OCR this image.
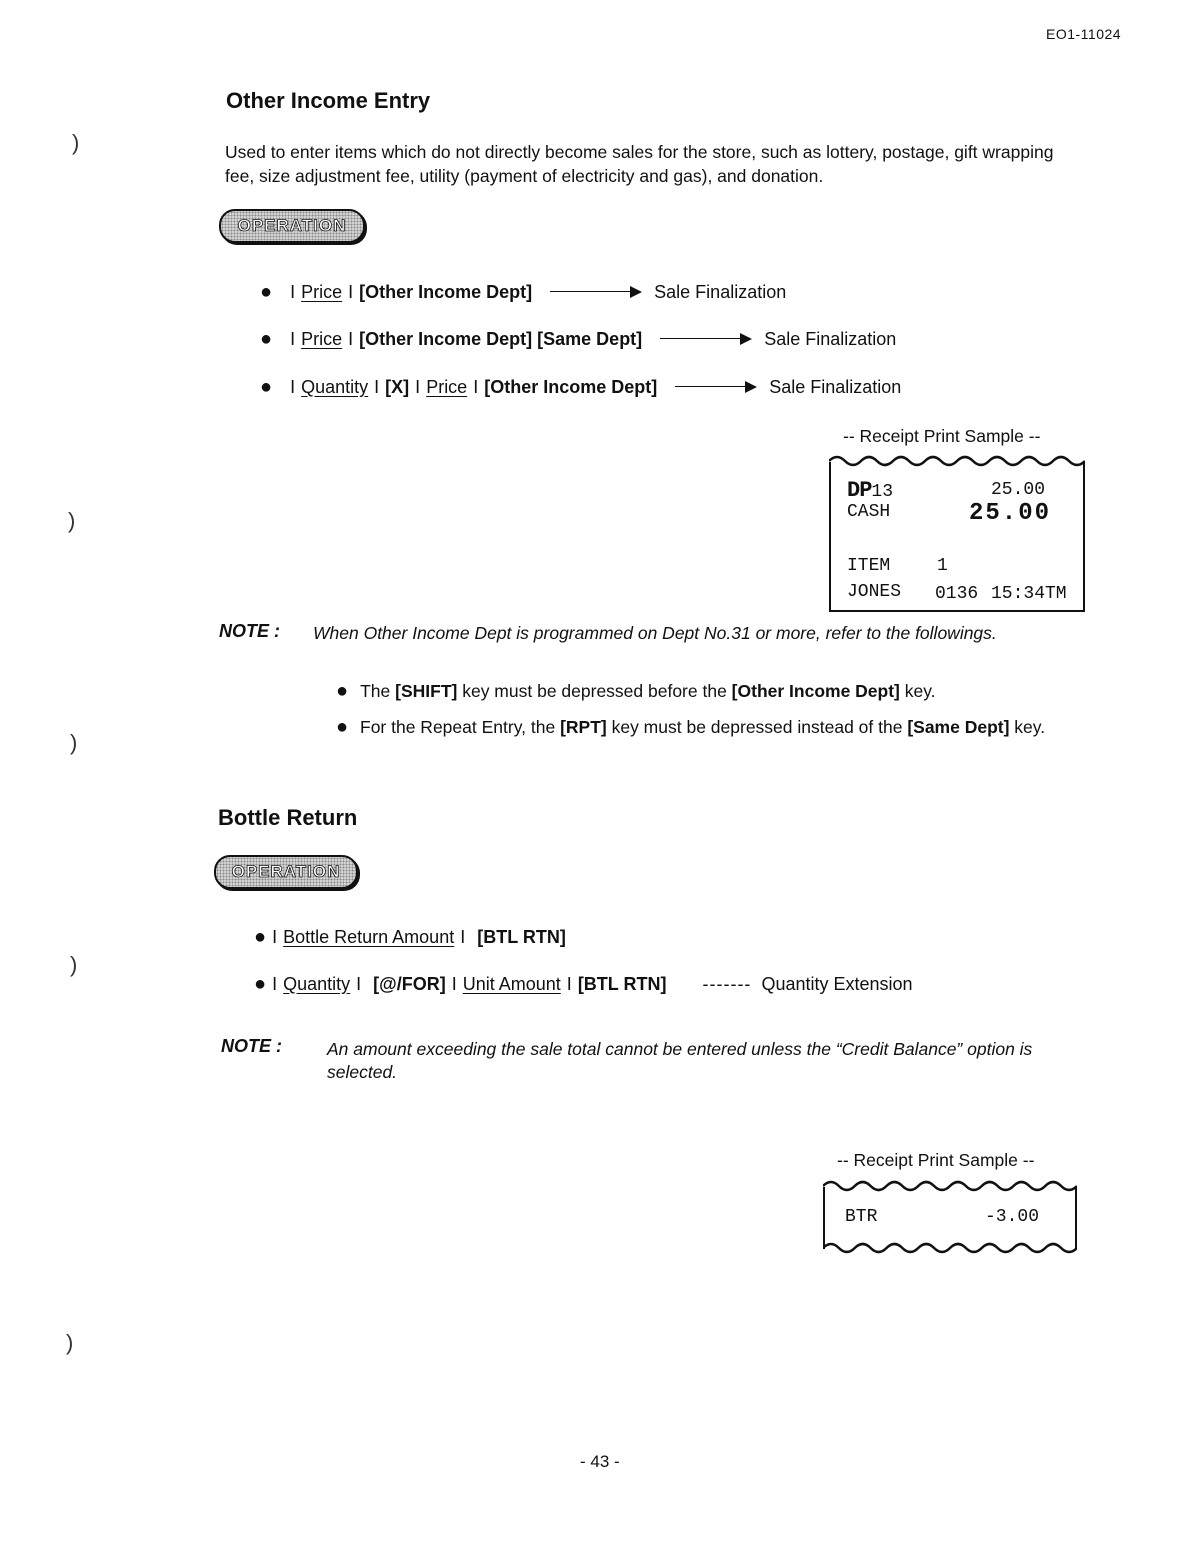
EO1-11024
)
)
)
)
)
Other Income Entry
Used to enter items which do not directly become sales for the store, such as lottery, postage, gift wrapping fee, size adjustment fee, utility (payment of electricity and gas), and donation.
OPERATION
● I Price I [Other Income Dept]	Sale Finalization
● I Price I [Other Income Dept] [Same Dept]	Sale Finalization
● I Quantity I [X] I Price I [Other Income Dept]	Sale Finalization
-- Receipt Print Sample --
DP13	25.00
CASH	25.00
ITEM	1
JONES 0136 15:34TM
NOTE : When Other Income Dept is programmed on Dept No.31 or more, refer to the followings.
● The [SHIFT] key must be depressed before the [Other Income Dept] key.
● For the Repeat Entry, the [RPT] key must be depressed instead of the [Same Dept] key.
Bottle Return
OPERATION
● I Bottle Return Amount I [BTL RTN]
● I Quantity I [@/FOR] I Unit Amount I [BTL RTN] ------- Quantity Extension
NOTE :	An amount exceeding the sale total cannot be entered unless the “Credit Balance” option is selected.
-- Receipt Print Sample --
BTR	-3.00
- 43 -
